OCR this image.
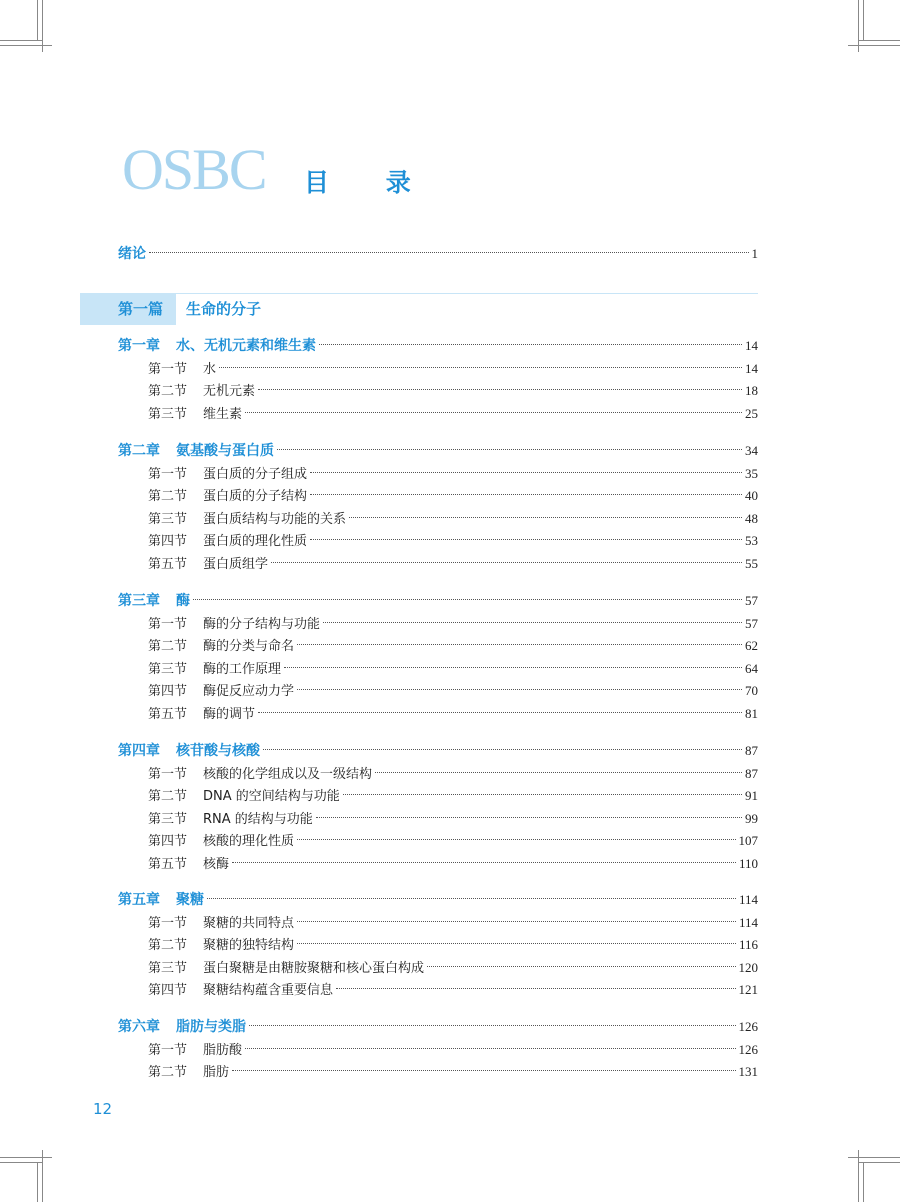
OSBC 目 录
绪论	1
第一篇 生命的分子
第一章 水、无机元素和维生素	14
第一节 水	14
第二节 无机元素	18
第三节 维生素	25
第二章 氨基酸与蛋白质	34
第一节 蛋白质的分子组成	35
第二节 蛋白质的分子结构	40
第三节 蛋白质结构与功能的关系	48
第四节 蛋白质的理化性质	53
第五节 蛋白质组学	55
第三章 酶	57
第一节 酶的分子结构与功能	57
第二节 酶的分类与命名	62
第三节 酶的工作原理	64
第四节 酶促反应动力学	70
第五节 酶的调节	81
第四章 核苷酸与核酸	87
第一节 核酸的化学组成以及一级结构	87
第二节 DNA 的空间结构与功能	91
第三节 RNA 的结构与功能	99
第四节 核酸的理化性质	107
第五节 核酶	110
第五章 聚糖	114
第一节 聚糖的共同特点	114
第二节 聚糖的独特结构	116
第三节 蛋白聚糖是由糖胺聚糖和核心蛋白构成	120
第四节 聚糖结构蕴含重要信息	121
第六章 脂肪与类脂	126
第一节 脂肪酸	126
第二节 脂肪	131
12
